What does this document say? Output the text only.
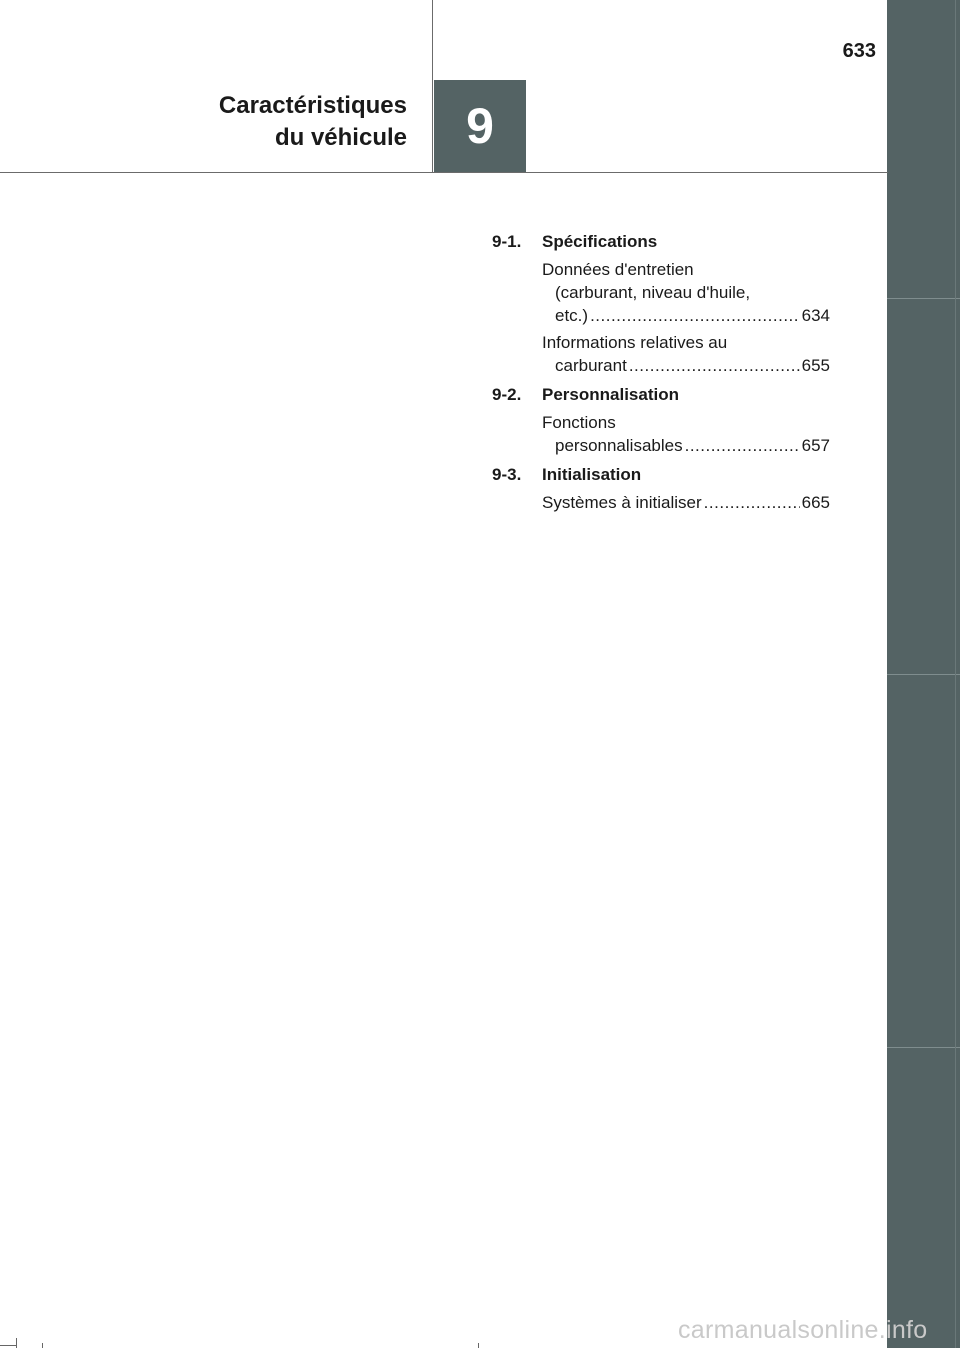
Caractéristiques
du véhicule	9
633
9-1.	Spécifications
Données d'entretien
(carburant, niveau d'huile,
etc.) .....	634
Informations relatives au
carburant .....	655
9-2.	Personnalisation
Fonctions
personnalisables .....	657
9-3.	Initialisation
Systèmes à initialiser .....	665
carmanualsonline.info
